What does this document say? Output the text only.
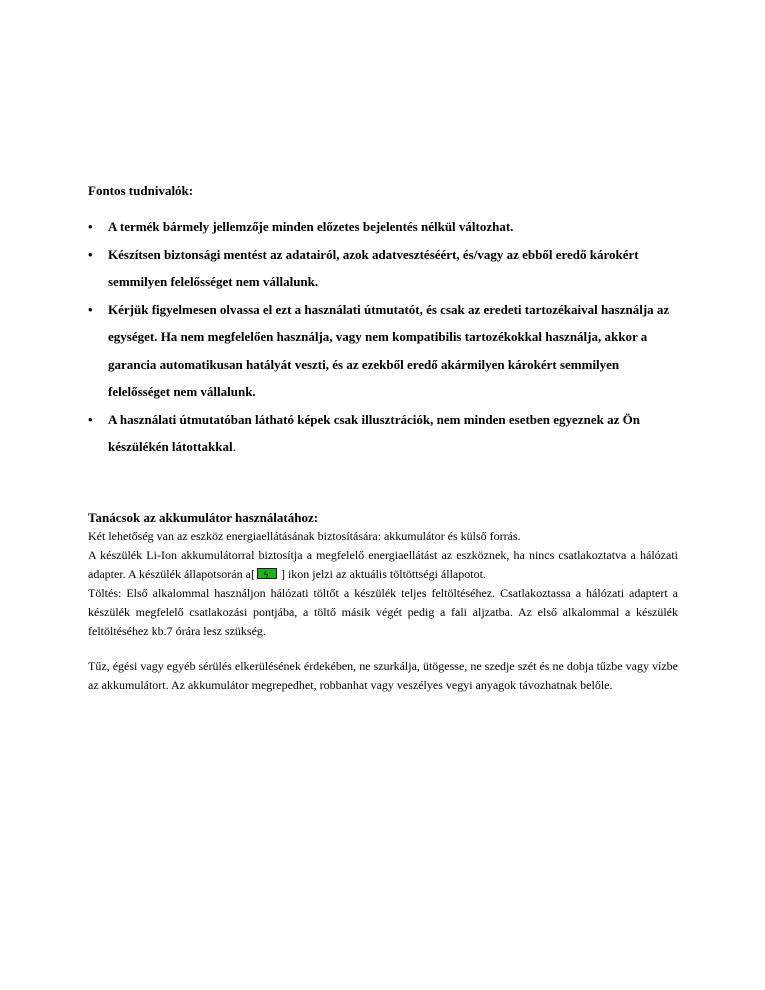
Fontos tudnivalók:

• A termék bármely jellemzője minden előzetes bejelentés nélkül változhat.
• Készítsen biztonsági mentést az adatairól, azok adatvesztéséért, és/vagy az ebből eredő károkért semmilyen felelősséget nem vállalunk.
• Kérjük figyelmesen olvassa el ezt a használati útmutatót, és csak az eredeti tartozékaival használja az egységet. Ha nem megfelelően használja, vagy nem kompatibilis tartozékokkal használja, akkor a garancia automatikusan hatályát veszti, és az ezekből eredő akármilyen károkért semmilyen felelősséget nem vállalunk.
• A használati útmutatóban látható képek csak illusztrációk, nem minden esetben egyeznek az Ön készülékén látottakkal.

Tanácsok az akkumulátor használatához:

Két lehetőség van az eszköz energiaellátásának biztosítására: akkumulátor és külső forrás.

A készülék Li-Ion akkumulátorral biztosítja a megfelelő energiaellátást az eszköznek, ha nincs csatlakoztatva a hálózati adapter. A készülék állapotsorán a[ ϟ ] ikon jelzi az aktuális töltöttségi állapotot.

Töltés: Első alkalommal használjon hálózati töltőt a készülék teljes feltöltéséhez. Csatlakoztassa a hálózati adaptert a készülék megfelelő csatlakozási pontjába, a töltő másik végét pedig a fali aljzatba. Az első alkalommal a készülék feltöltéséhez kb.7 órára lesz szükség.

Tűz, égési vagy egyéb sérülés elkerülésének érdekében, ne szurkálja, ütögesse, ne szedje szét és ne dobja tűzbe vagy vízbe az akkumulátort. Az akkumulátor megrepedhet, robbanhat vagy veszélyes vegyi anyagok távozhatnak belőle.
